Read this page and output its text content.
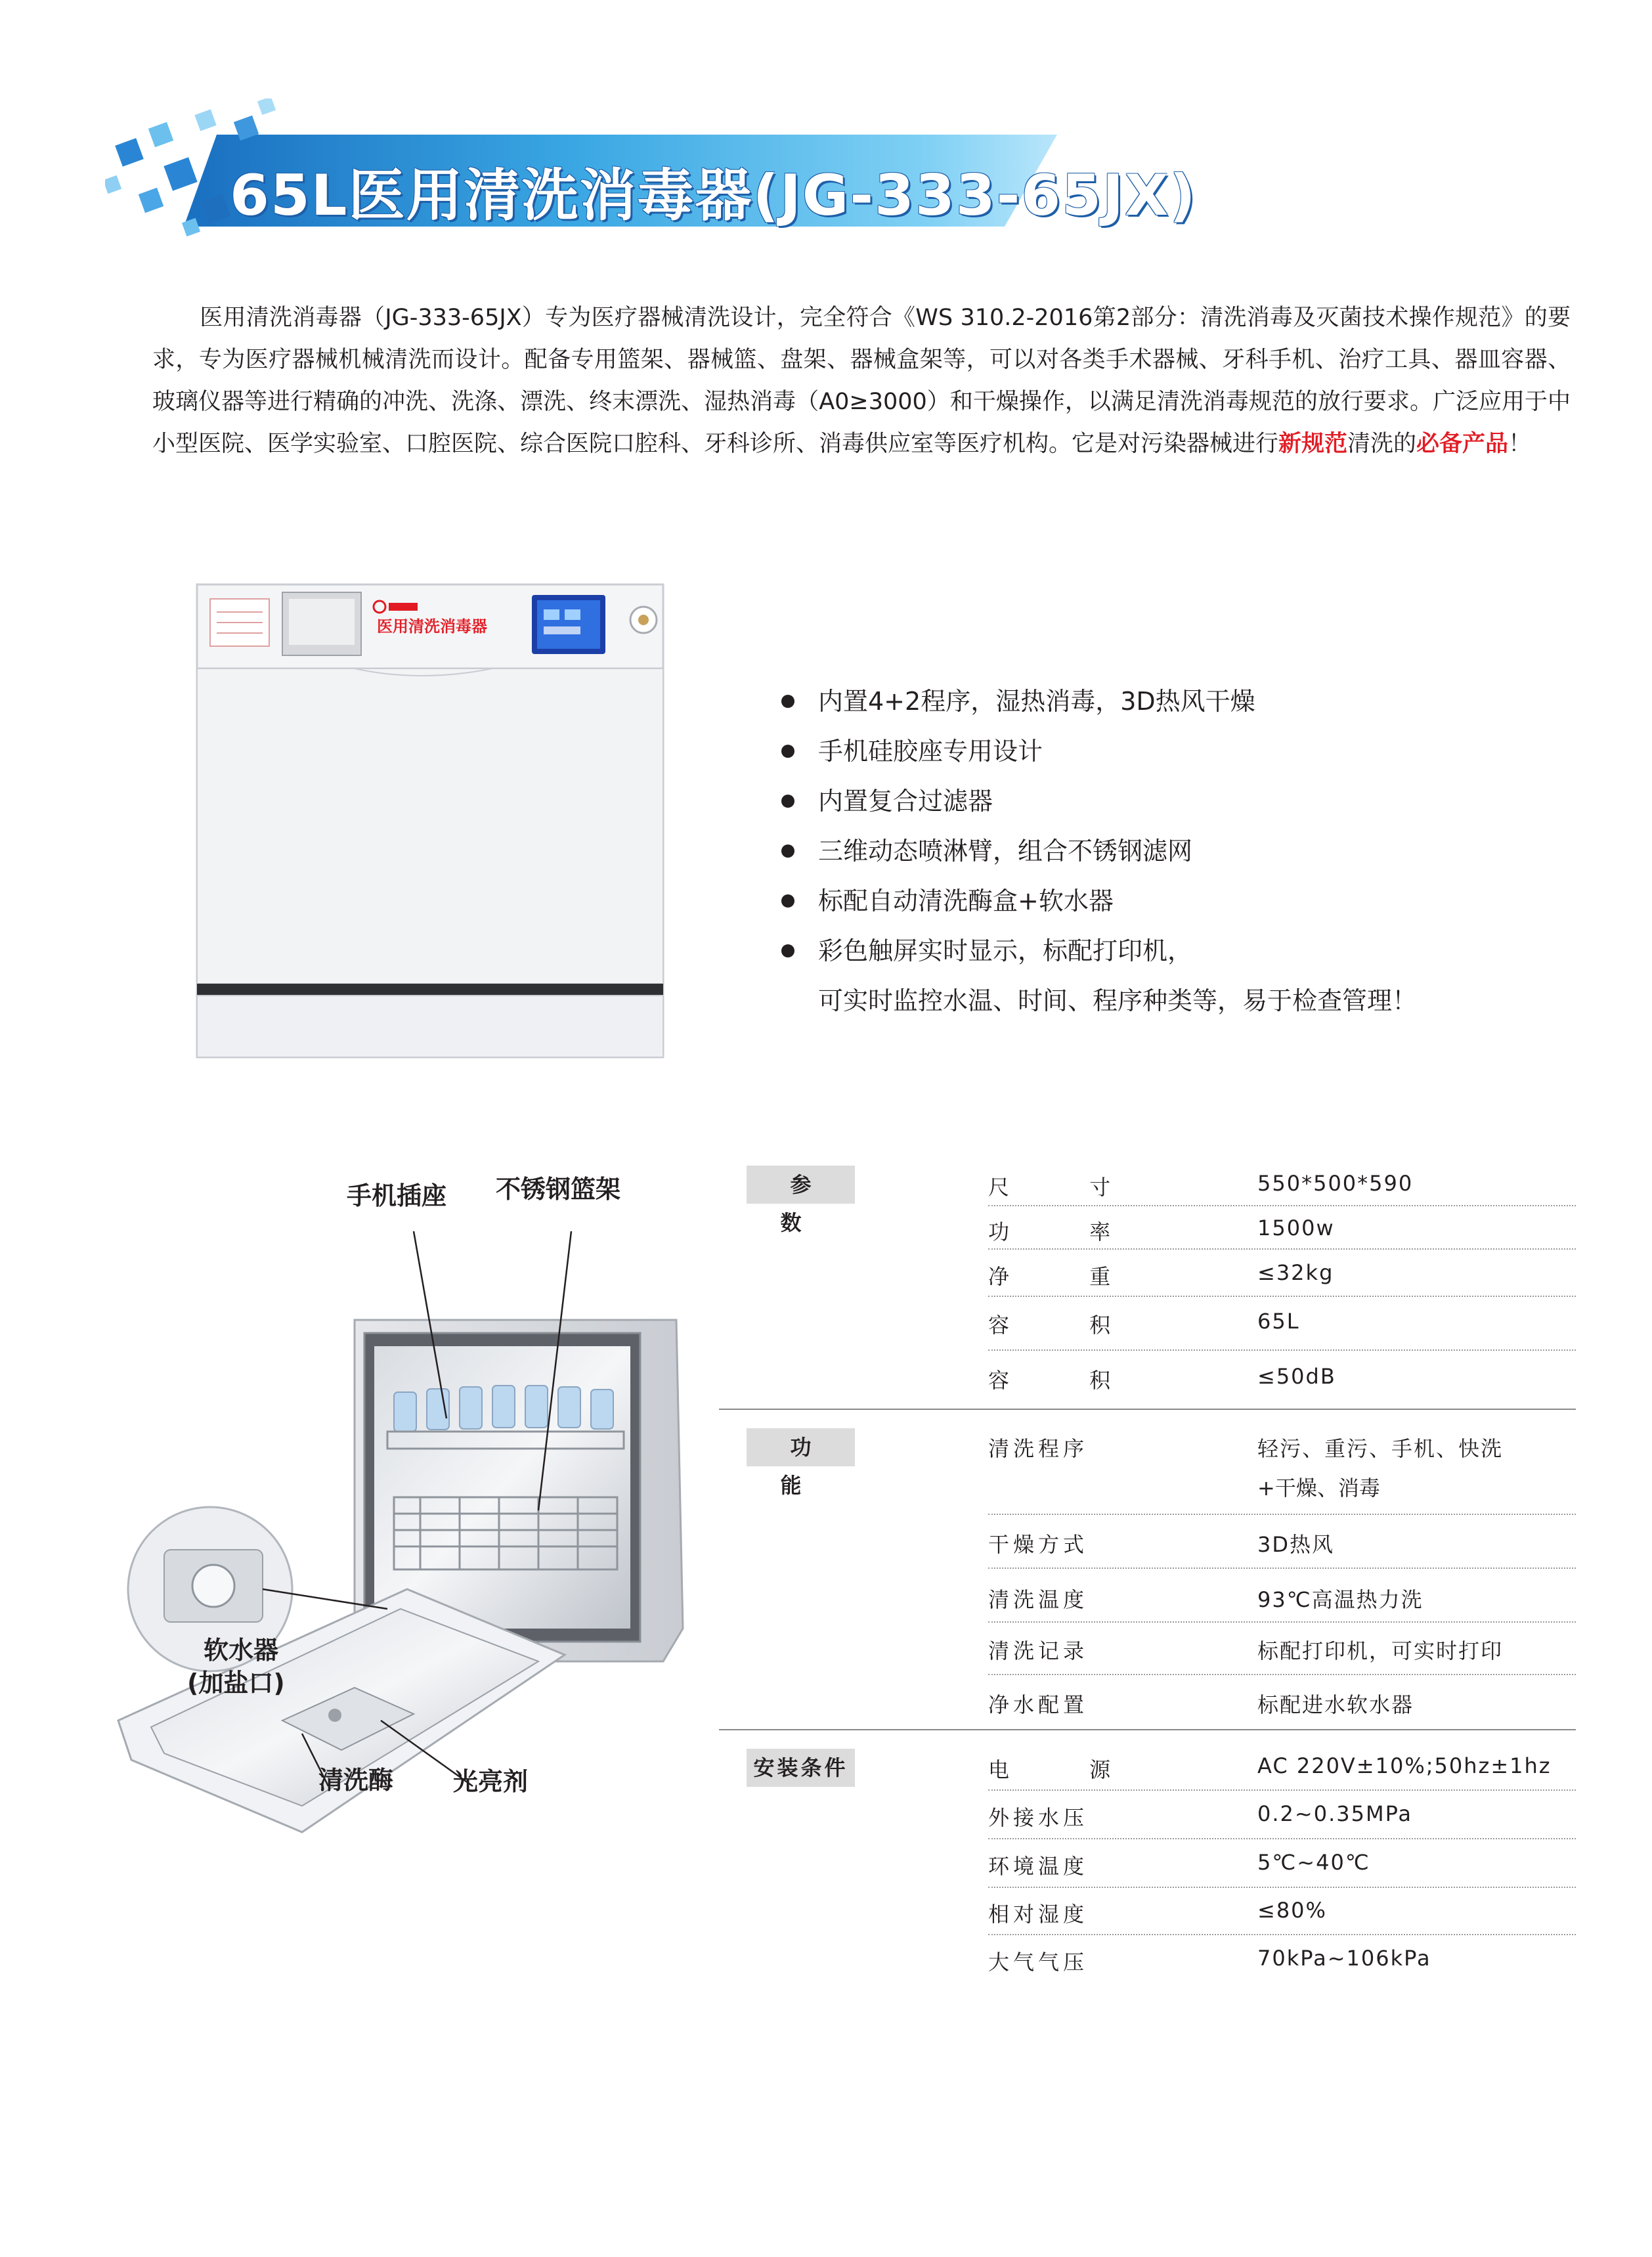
65L医用清洗消毒器(JG-333-65JX)
医用清洗消毒器（JG-333-65JX）专为医疗器械清洗设计，完全符合《WS 310.2-2016第2部分：清洗消毒及灭菌技术操作规范》的要求，专为医疗器械机械清洗而设计。配备专用篮架、器械篮、盘架、器械盒架等，可以对各类手术器械、牙科手机、治疗工具、器皿容器、玻璃仪器等进行精确的冲洗、洗涤、漂洗、终末漂洗、湿热消毒（A0≥3000）和干燥操作，以满足清洗消毒规范的放行要求。广泛应用于中小型医院、医学实验室、口腔医院、综合医院口腔科、牙科诊所、消毒供应室等医疗机构。它是对污染器械进行新规范清洗的必备产品！
医用清洗消毒器
内置4+2程序，湿热消毒，3D热风干燥
手机硅胶座专用设计
内置复合过滤器
三维动态喷淋臂，组合不锈钢滤网
标配自动清洗酶盒+软水器
彩色触屏实时显示，标配打印机，
可实时监控水温、时间、程序种类等，易于检查管理！
手机插座 不锈钢篮架
软水器
(加盐口)
清洗酶 光亮剂
参 数
尺 寸	550*500*590
功 率	1500w
净 重	≤32kg
容 积	65L
容 积	≤50dB
功 能
清洗程序	轻污、重污、手机、快洗
+干燥、消毒
干燥方式	3D热风
清洗温度	93℃高温热力洗
清洗记录	标配打印机，可实时打印
净水配置	标配进水软水器
安装条件	电 源	AC 220V±10%;50hz±1hz
外接水压	0.2~0.35MPa
环境温度	5℃~40℃
相对湿度	≤80%
大气气压	70kPa~106kPa
